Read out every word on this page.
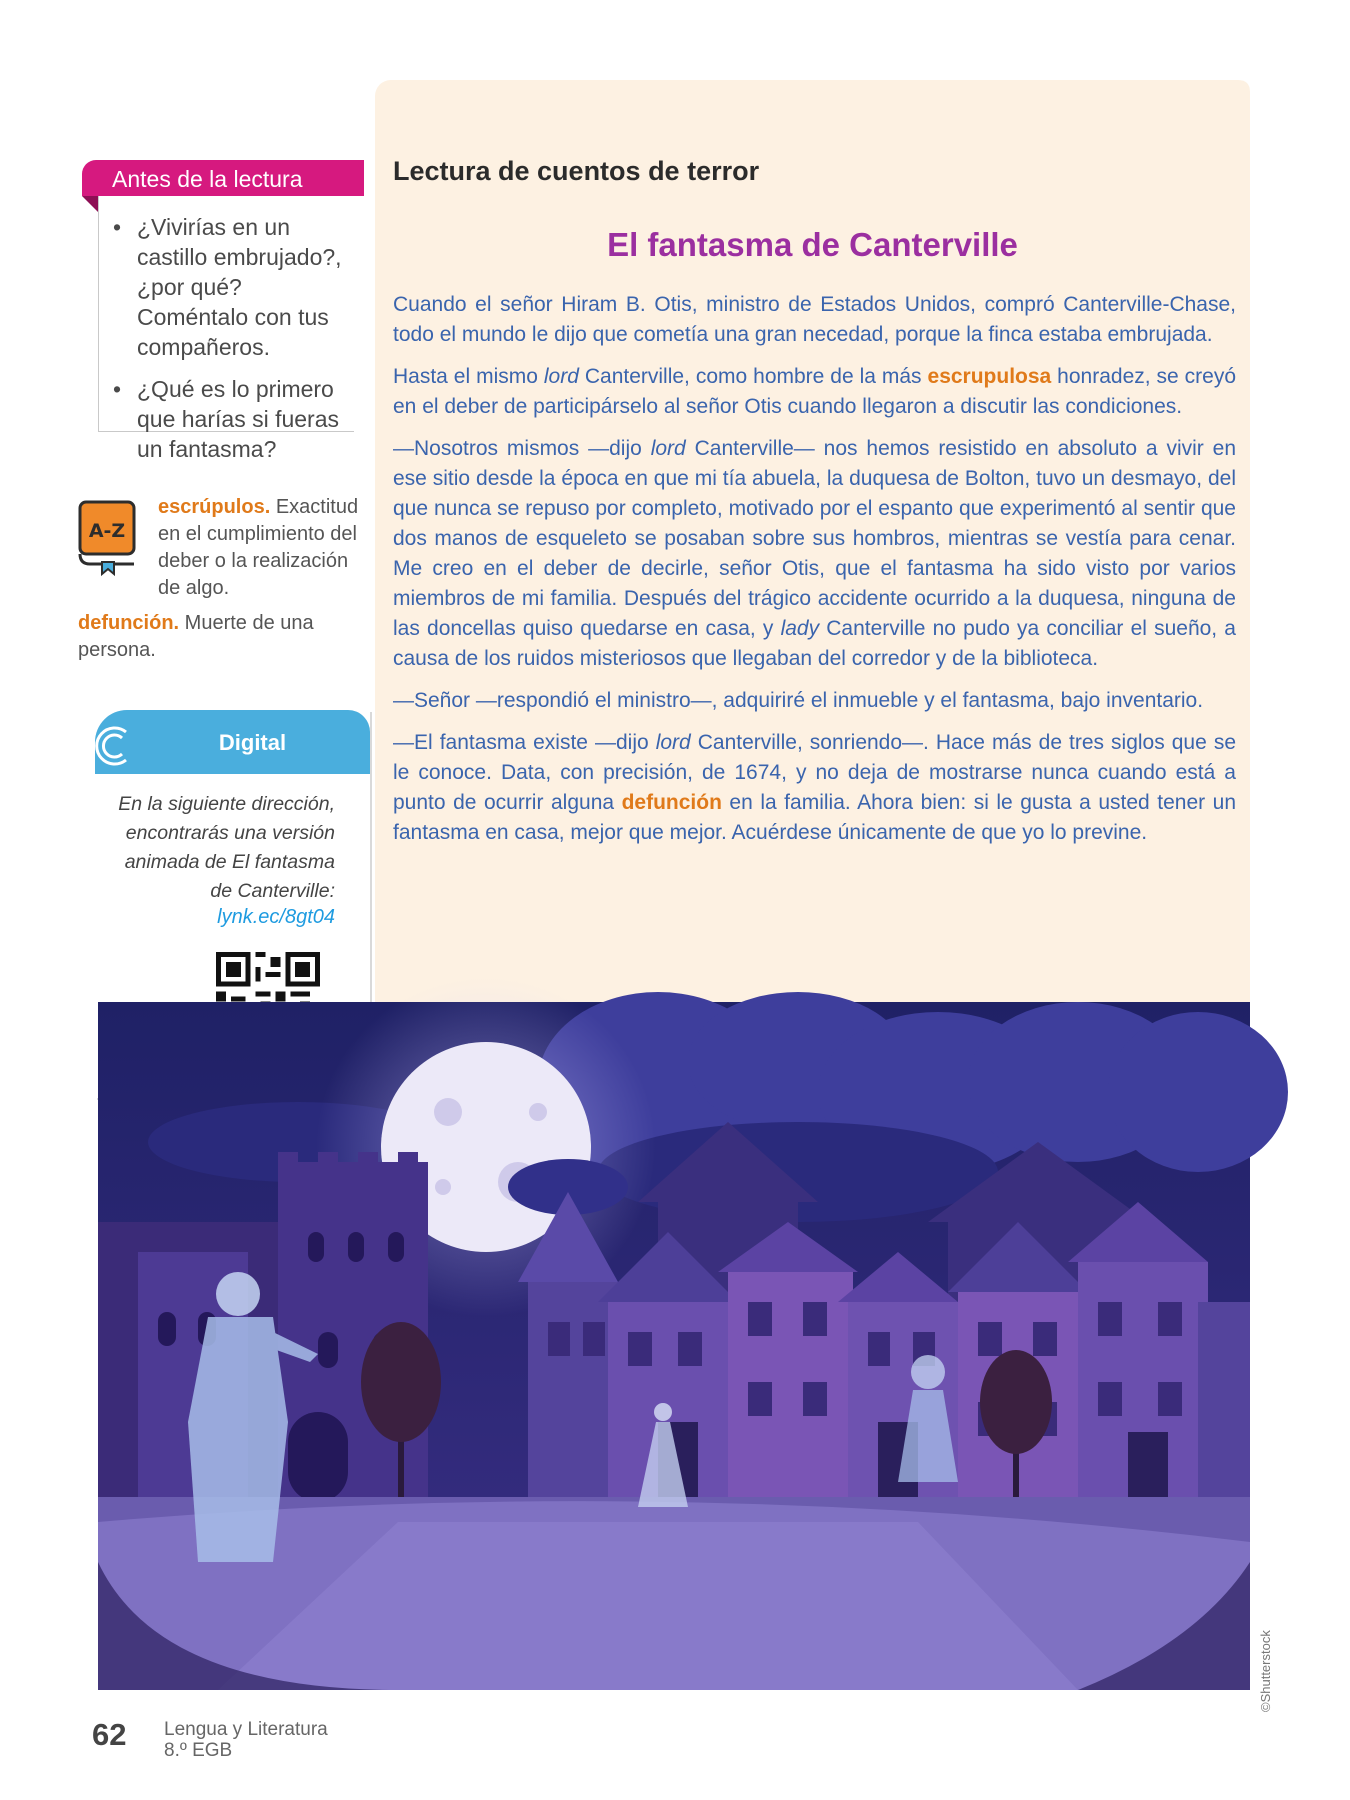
Lectura de cuentos de terror
El fantasma de Canterville

Cuando el señor Hiram B. Otis, ministro de Estados Unidos, compró Canterville-Chase, todo el mundo le dijo que cometía una gran necedad, porque la finca estaba embrujada.

Hasta el mismo lord Canterville, como hombre de la más escrupulosa honradez, se creyó en el deber de participárselo al señor Otis cuando llegaron a discutir las condiciones.

—Nosotros mismos —dijo lord Canterville— nos hemos resistido en absoluto a vivir en ese sitio desde la época en que mi tía abuela, la duquesa de Bolton, tuvo un desmayo, del que nunca se repuso por completo, motivado por el espanto que experimentó al sentir que dos manos de esqueleto se posaban sobre sus hombros, mientras se vestía para cenar. Me creo en el deber de decirle, señor Otis, que el fantasma ha sido visto por varios miembros de mi familia. Después del trágico accidente ocurrido a la duquesa, ninguna de las doncellas quiso quedarse en casa, y lady Canterville no pudo ya conciliar el sueño, a causa de los ruidos misteriosos que llegaban del corredor y de la biblioteca.

—Señor —respondió el ministro—, adquiriré el inmueble y el fantasma, bajo inventario.

—El fantasma existe —dijo lord Canterville, sonriendo—. Hace más de tres siglos que se le conoce. Data, con precisión, de 1674, y no deja de mostrarse nunca cuando está a punto de ocurrir alguna defunción en la familia. Ahora bien: si le gusta a usted tener un fantasma en casa, mejor que mejor. Acuérdese únicamente de que yo lo previne.

Antes de la lectura
• ¿Vivirías en un castillo embrujado?, ¿por qué? Coméntalo con tus compañeros.
• ¿Qué es lo primero que harías si fueras un fantasma?
A-Z
escrúpulos. Exactitud en el cumplimiento del deber o la realización de algo.
defunción. Muerte de una persona.
Digital
En la siguiente dirección, encontrarás una versión animada de El fantasma de Canterville:
lynk.ec/8gt04
©Shutterstock
62 Lengua y Literatura
8.º EGB
